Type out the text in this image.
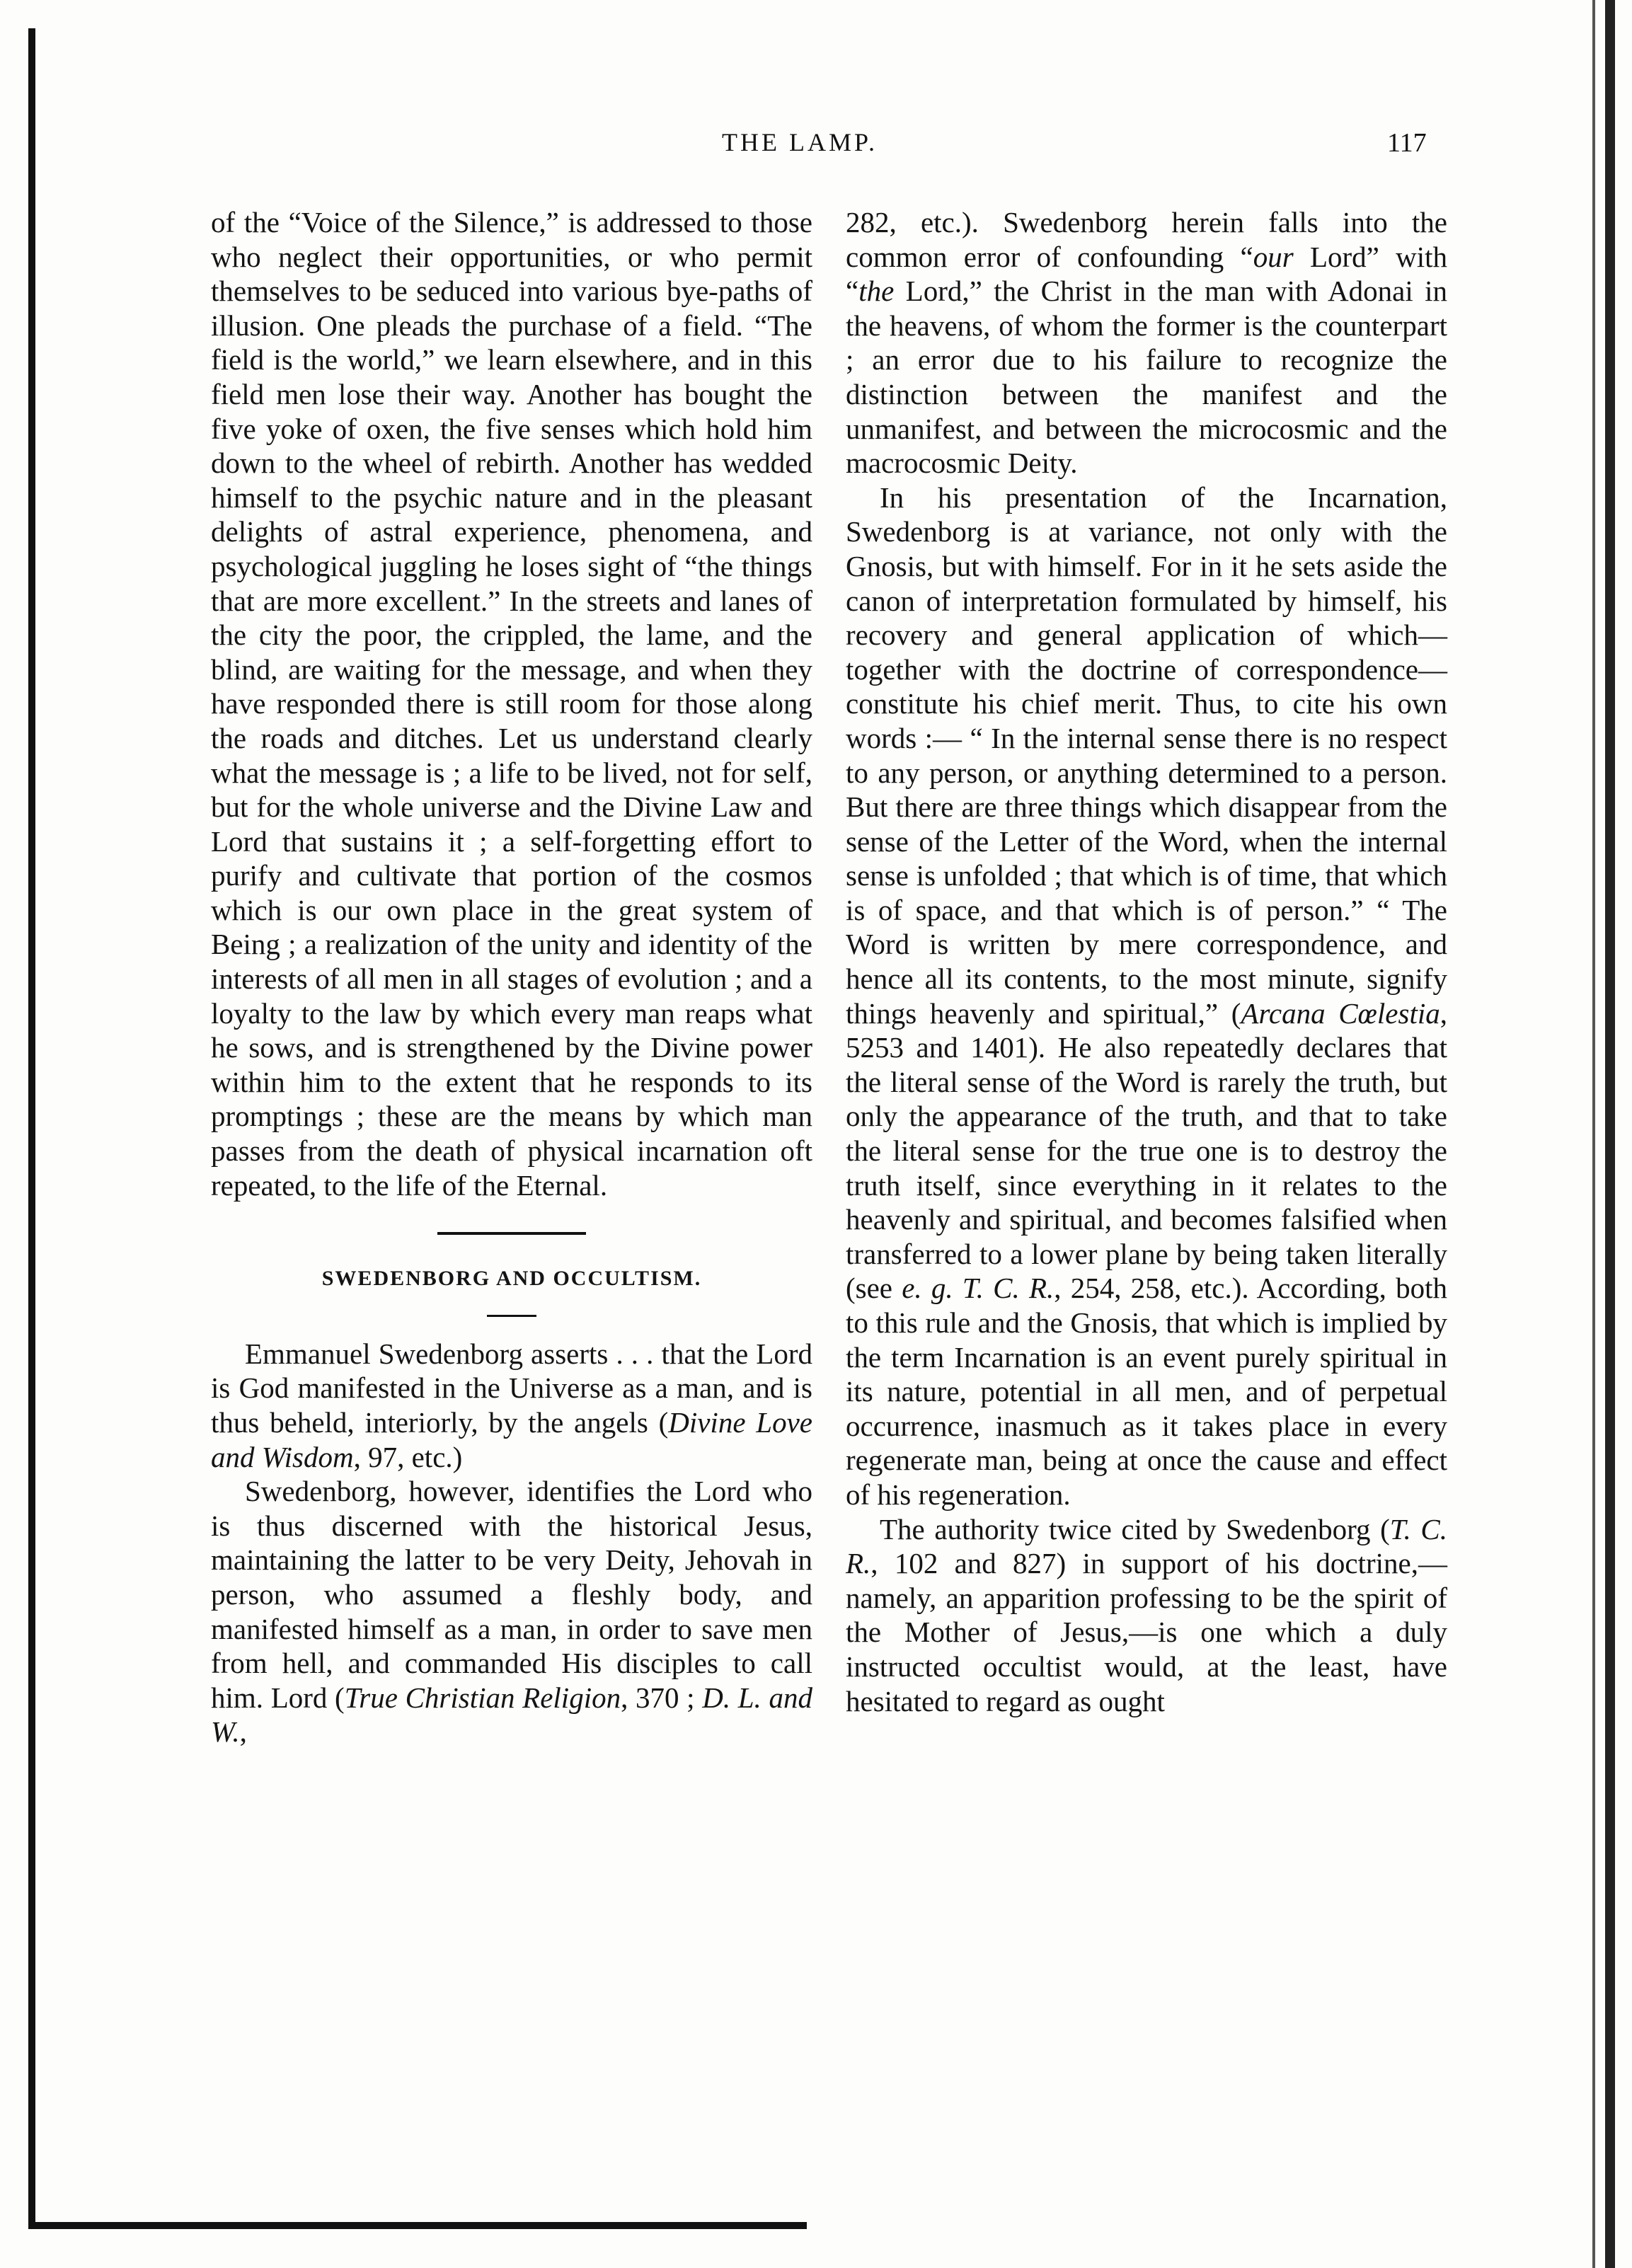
THE LAMP.	117

of the “Voice of the Silence,” is addressed to those who neglect their opportunities, or who permit themselves to be seduced into various bye-paths of illusion. One pleads the purchase of a field. “The field is the world,” we learn elsewhere, and in this field men lose their way. Another has bought the five yoke of oxen, the five senses which hold him down to the wheel of rebirth. Another has wedded himself to the psychic nature and in the pleasant delights of astral experience, phenomena, and psychological juggling he loses sight of “the things that are more excellent.” In the streets and lanes of the city the poor, the crippled, the lame, and the blind, are waiting for the message, and when they have responded there is still room for those along the roads and ditches. Let us understand clearly what the message is ; a life to be lived, not for self, but for the whole universe and the Divine Law and Lord that sustains it ; a self-forgetting effort to purify and cultivate that portion of the cosmos which is our own place in the great system of Being ; a realization of the unity and identity of the interests of all men in all stages of evolution ; and a loyalty to the law by which every man reaps what he sows, and is strengthened by the Divine power within him to the extent that he responds to its promptings ; these are the means by which man passes from the death of physical incarnation oft repeated, to the life of the Eternal.

SWEDENBORG AND OCCULTISM.

Emmanuel Swedenborg asserts . . . that the Lord is God manifested in the Universe as a man, and is thus beheld, interiorly, by the angels (Divine Love and Wisdom, 97, etc.)

Swedenborg, however, identifies the Lord who is thus discerned with the historical Jesus, maintaining the latter to be very Deity, Jehovah in person, who assumed a fleshly body, and manifested himself as a man, in order to save men from hell, and commanded His disciples to call him. Lord (True Christian Religion, 370 ; D. L. and W.,

282, etc.). Swedenborg herein falls into the common error of confounding “our Lord” with “the Lord,” the Christ in the man with Adonai in the heavens, of whom the former is the counterpart ; an error due to his failure to recognize the distinction between the manifest and the unmanifest, and between the microcosmic and the macrocosmic Deity.

In his presentation of the Incarnation, Swedenborg is at variance, not only with the Gnosis, but with himself. For in it he sets aside the canon of interpretation formulated by himself, his recovery and general application of which—together with the doctrine of correspondence—constitute his chief merit. Thus, to cite his own words :— “ In the internal sense there is no respect to any person, or anything determined to a person. But there are three things which disappear from the sense of the Letter of the Word, when the internal sense is unfolded ; that which is of time, that which is of space, and that which is of person.” “ The Word is written by mere correspondence, and hence all its contents, to the most minute, signify things heavenly and spiritual,” (Arcana Cœlestia, 5253 and 1401). He also repeatedly declares that the literal sense of the Word is rarely the truth, but only the appearance of the truth, and that to take the literal sense for the true one is to destroy the truth itself, since everything in it relates to the heavenly and spiritual, and becomes falsified when transferred to a lower plane by being taken literally (see e. g. T. C. R., 254, 258, etc.). According, both to this rule and the Gnosis, that which is implied by the term Incarnation is an event purely spiritual in its nature, potential in all men, and of perpetual occurrence, inasmuch as it takes place in every regenerate man, being at once the cause and effect of his regeneration.

The authority twice cited by Swedenborg (T. C. R., 102 and 827) in support of his doctrine,—namely, an apparition professing to be the spirit of the Mother of Jesus,—is one which a duly instructed occultist would, at the least, have hesitated to regard as ought
